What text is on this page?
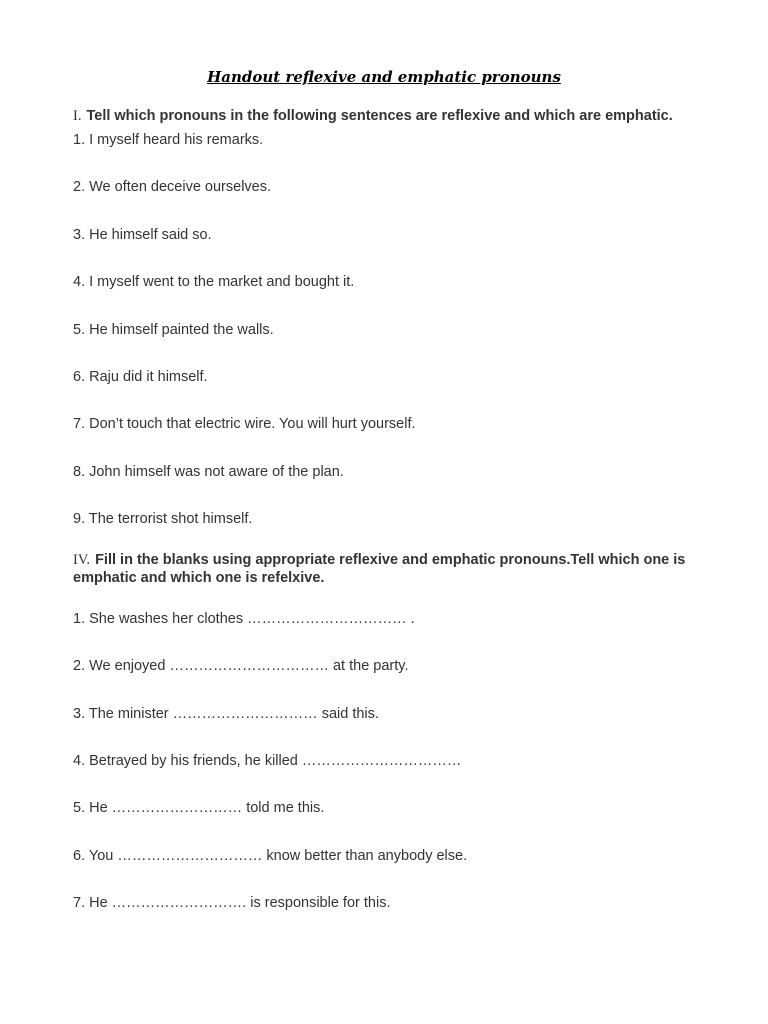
Handout reflexive and emphatic pronouns

I. Tell which pronouns in the following sentences are reflexive and which are emphatic.

1. I myself heard his remarks.

2. We often deceive ourselves.

3. He himself said so.

4. I myself went to the market and bought it.

5. He himself painted the walls.

6. Raju did it himself.

7. Don’t touch that electric wire. You will hurt yourself.

8. John himself was not aware of the plan.

9. The terrorist shot himself.

IV. Fill in the blanks using appropriate reflexive and emphatic pronouns.Tell which one is emphatic and which one is refelxive.

1. She washes her clothes …………………………… .

2. We enjoyed …………………………… at the party.

3. The minister ………………………… said this.

4. Betrayed by his friends, he killed ……………………………

5. He ……………………… told me this.

6. You ………………………… know better than anybody else.

7. He ………………………. is responsible for this.
